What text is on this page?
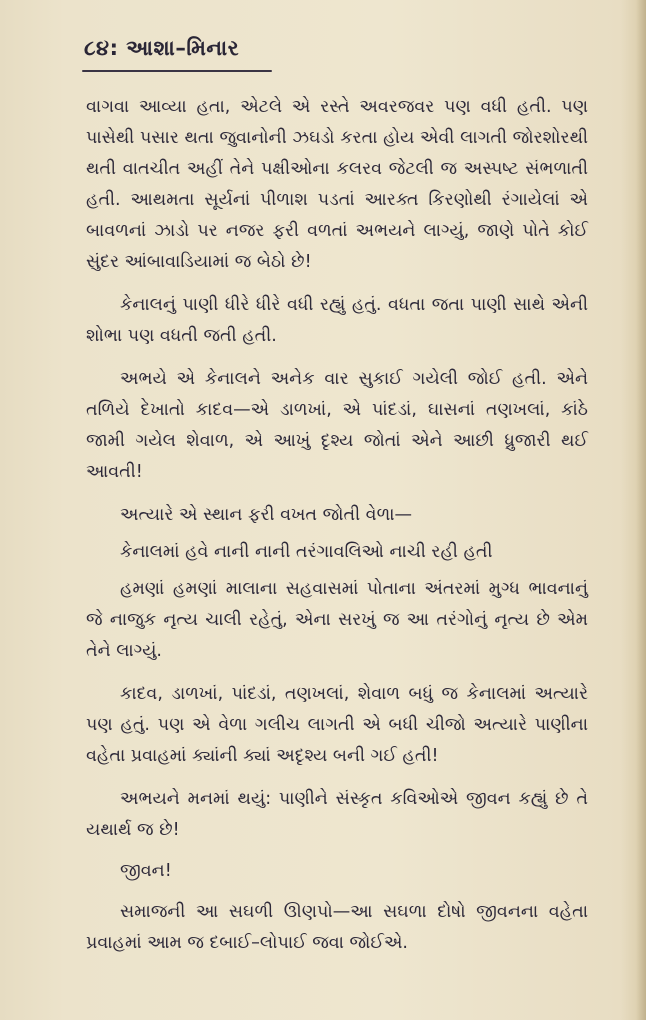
૮૪: આશા–મિનાર

વાગવા આવ્યા હતા, એટલે એ રસ્તે અવરજવર પણ વધી હતી. પણ પાસેથી પસાર થતા જુવાનોની ઝઘડો કરતા હોય એવી લાગતી જોરશોરથી થતી વાતચીત અહીં તેને પક્ષીઓના કલરવ જેટલી જ અસ્પષ્ટ સંભળાતી હતી. આથમતા સૂર્યનાં પીળાશ પડતાં આરક્ત કિરણોથી રંગાયેલાં એ બાવળનાં ઝાડો પર નજર ફરી વળતાં અભયને લાગ્યું, જાણે પોતે કોઈ સુંદર આંબાવાડિયામાં જ બેઠો છે!

કેનાલનું પાણી ધીરે ધીરે વધી રહ્યું હતું. વધતા જતા પાણી સાથે એની શોભા પણ વધતી જતી હતી.

અભયે એ કેનાલને અનેક વાર સુકાઈ ગયેલી જોઈ હતી. એને તળિયે દેખાતો કાદવ—એ ડાળખાં, એ પાંદડાં, ઘાસનાં તણખલાં, કાંઠે જામી ગયેલ શેવાળ, એ આખું દૃશ્ય જોતાં એને આછી ધ્રુજારી થઈ આવતી!

અત્યારે એ સ્થાન ફરી વખત જોતી વેળા—

કેનાલમાં હવે નાની નાની તરંગાવલિઓ નાચી રહી હતી

હમણાં હમણાં માલાના સહવાસમાં પોતાના અંતરમાં મુગ્ધ ભાવનાનું જે નાજુક નૃત્ય ચાલી રહેતું, એના સરખું જ આ તરંગોનું નૃત્ય છે એમ તેને લાગ્યું.

કાદવ, ડાળખાં, પાંદડાં, તણખલાં, શેવાળ બધું જ કેનાલમાં અત્યારે પણ હતું. પણ એ વેળા ગલીચ લાગતી એ બધી ચીજો અત્યારે પાણીના વહેતા પ્રવાહમાં ક્યાંની ક્યાં અદૃશ્ય બની ગઈ હતી!

અભયને મનમાં થયું: પાણીને સંસ્કૃત કવિઓએ જીવન કહ્યું છે તે યથાર્થ જ છે!

જીવન!

સમાજની આ સઘળી ઊણપો—આ સઘળા દોષો જીવનના વહેતા પ્રવાહમાં આમ જ દબાઈ–લોપાઈ જવા જોઈએ.
